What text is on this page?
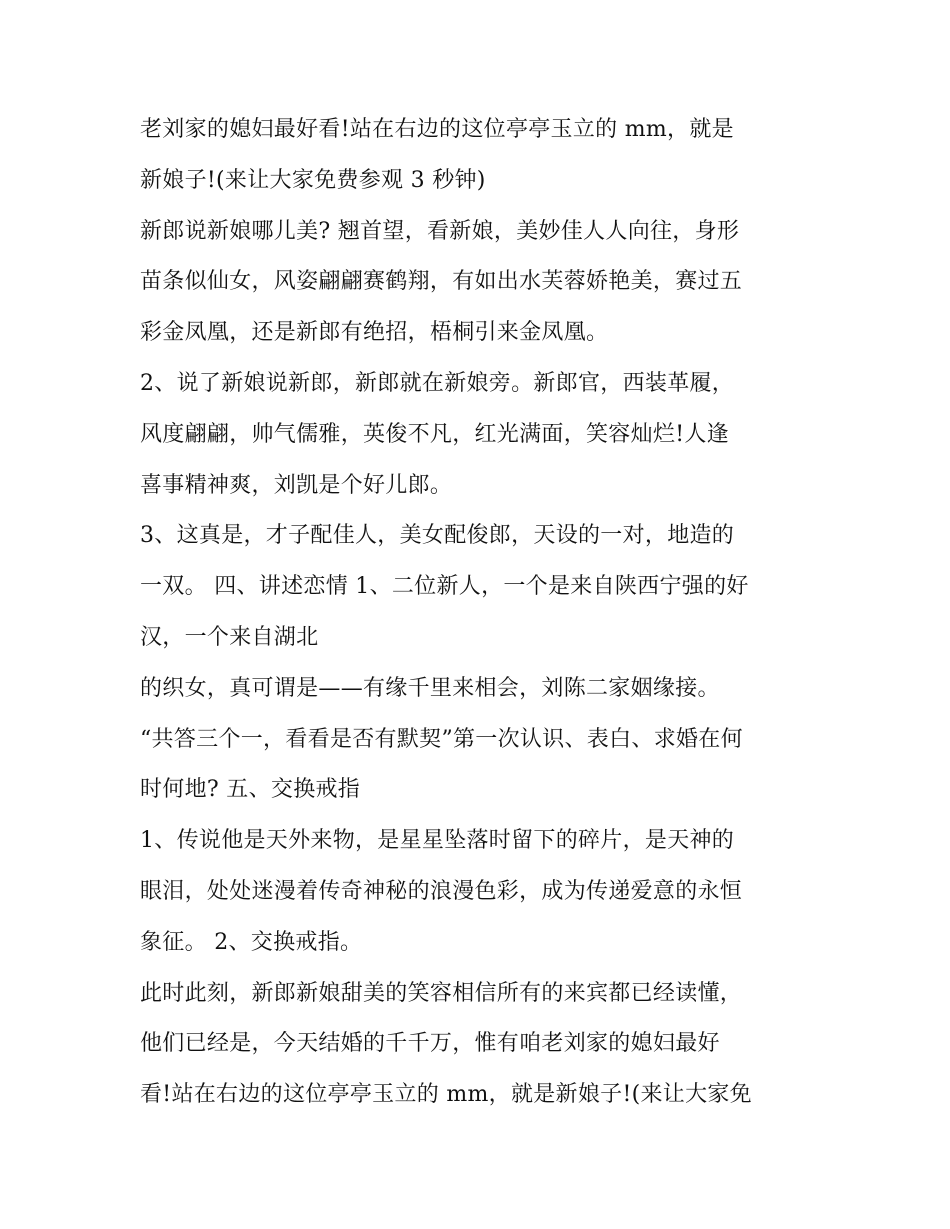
老刘家的媳妇最好看!站在右边的这位亭亭玉立的 mm，就是
新娘子!(来让大家免费参观 3 秒钟)
新郎说新娘哪儿美? 翘首望，看新娘，美妙佳人人向往，身形
苗条似仙女，风姿翩翩赛鹤翔，有如出水芙蓉娇艳美，赛过五
彩金凤凰，还是新郎有绝招，梧桐引来金凤凰。
2、说了新娘说新郎，新郎就在新娘旁。新郎官，西装革履，
风度翩翩，帅气儒雅，英俊不凡，红光满面，笑容灿烂!人逢
喜事精神爽，刘凯是个好儿郎。
3、这真是，才子配佳人，美女配俊郎，天设的一对，地造的
一双。 四、讲述恋情 1、二位新人，一个是来自陕西宁强的好
汉，一个来自湖北
的织女，真可谓是——有缘千里来相会，刘陈二家姻缘接。
“共答三个一，看看是否有默契”第一次认识、表白、求婚在何
时何地? 五、交换戒指
1、传说他是天外来物，是星星坠落时留下的碎片，是天神的
眼泪，处处迷漫着传奇神秘的浪漫色彩，成为传递爱意的永恒
象征。 2、交换戒指。
此时此刻，新郎新娘甜美的笑容相信所有的来宾都已经读懂，
他们已经是，今天结婚的千千万，惟有咱老刘家的媳妇最好
看!站在右边的这位亭亭玉立的 mm，就是新娘子!(来让大家免
